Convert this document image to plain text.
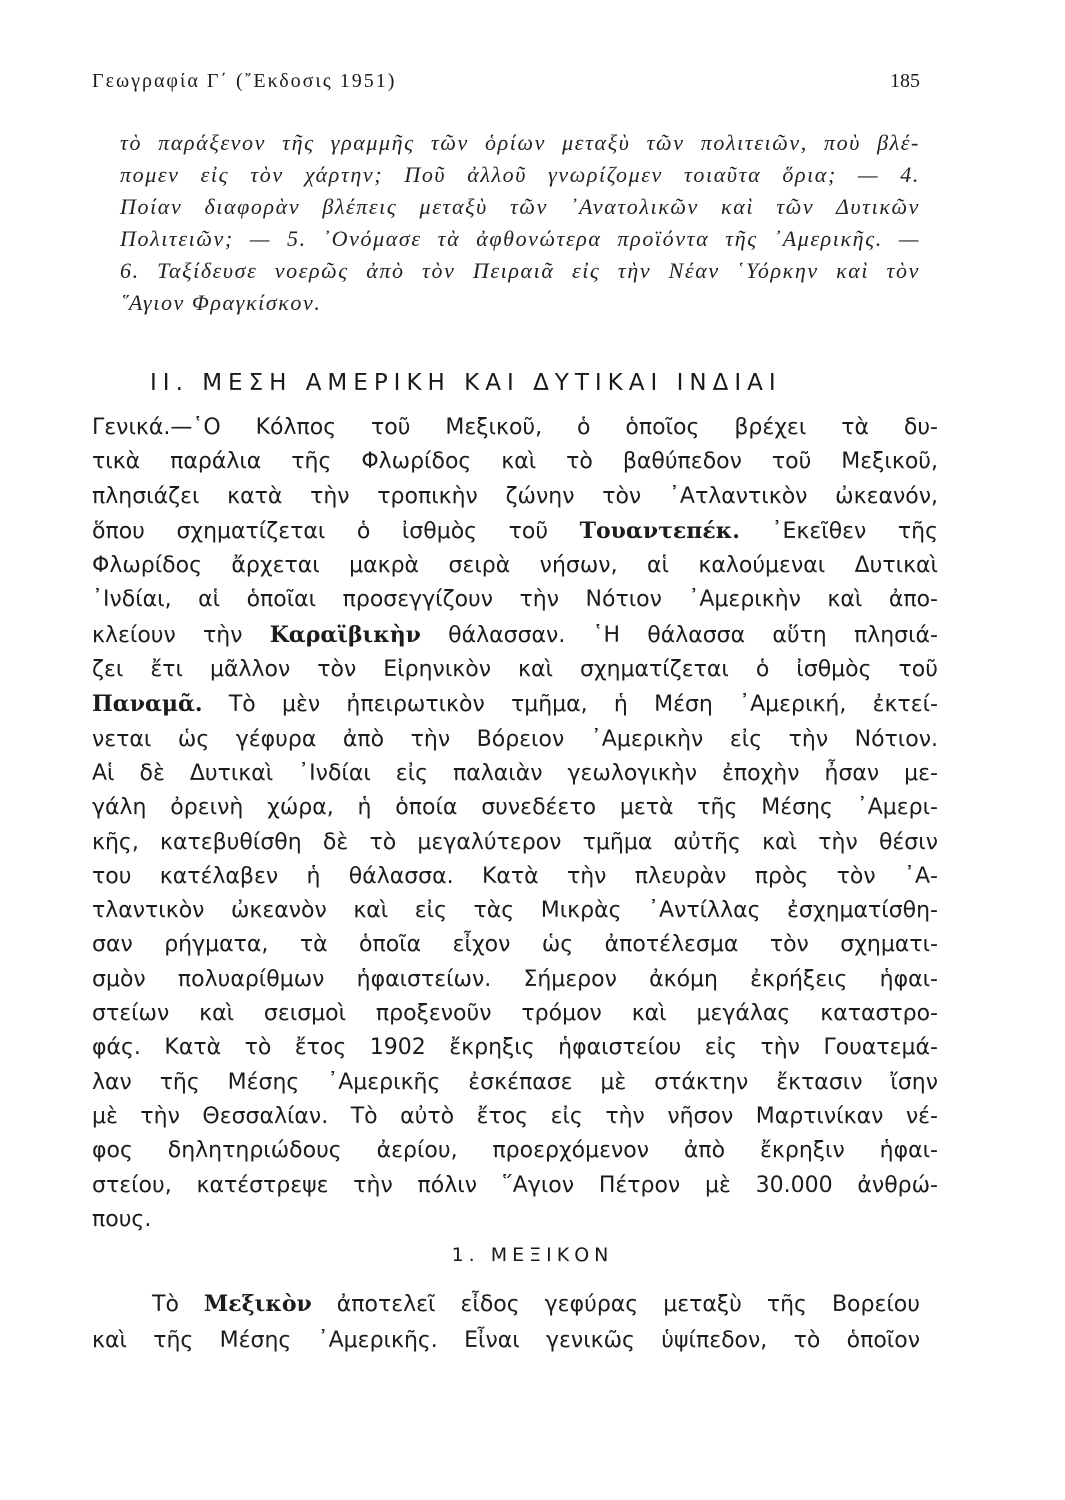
Γεωγραφία Γ΄ (῎Εκδοσις 1951)	185
τὸ παράξενον τῆς γραμμῆς τῶν ὁρίων μεταξὺ τῶν πολιτειῶν, ποὺ βλέ-
πομεν εἰς τὸν χάρτην; Ποῦ ἀλλοῦ γνωρίζομεν τοιαῦτα ὅρια; — 4.
Ποίαν διαφορὰν βλέπεις μεταξὺ τῶν ᾿Ανατολικῶν καὶ τῶν Δυτικῶν
Πολιτειῶν; — 5. ᾿Ονόμασε τὰ ἀφθονώτερα προϊόντα τῆς ᾿Αμερικῆς. —
6. Ταξίδευσε νοερῶς ἀπὸ τὸν Πειραιᾶ εἰς τὴν Νέαν ῾Υόρκην καὶ τὸν
῞Αγιον Φραγκίσκον.
ΙΙ. ΜΕΣΗ ΑΜΕΡΙΚΗ ΚΑΙ ΔΥΤΙΚΑΙ ΙΝΔΙΑΙ
Γενικά.—῾Ο Κόλπος τοῦ Μεξικοῦ, ὁ ὁποῖος βρέχει τὰ δυ-
τικὰ παράλια τῆς Φλωρίδος καὶ τὸ βαθύπεδον τοῦ Μεξικοῦ,
πλησιάζει κατὰ τὴν τροπικὴν ζώνην τὸν ᾿Ατλαντικὸν ὠκεανόν,
ὅπου σχηματίζεται ὁ ἰσθμὸς τοῦ Τουαντεπέκ. ᾿Εκεῖθεν τῆς
Φλωρίδος ἄρχεται μακρὰ σειρὰ νήσων, αἱ καλούμεναι Δυτικαὶ
᾿Ινδίαι, αἱ ὁποῖαι προσεγγίζουν τὴν Νότιον ᾿Αμερικὴν καὶ ἀπο-
κλείουν τὴν Καραϊβικὴν θάλασσαν. ῾Η θάλασσα αὕτη πλησιά-
ζει ἔτι μᾶλλον τὸν Εἰρηνικὸν καὶ σχηματίζεται ὁ ἰσθμὸς τοῦ
Παναμᾶ. Τὸ μὲν ἠπειρωτικὸν τμῆμα, ἡ Μέση ᾿Αμερική, ἐκτεί-
νεται ὡς γέφυρα ἀπὸ τὴν Βόρειον ᾿Αμερικὴν εἰς τὴν Νότιον.
Αἱ δὲ Δυτικαὶ ᾿Ινδίαι εἰς παλαιὰν γεωλογικὴν ἐποχὴν ἦσαν με-
γάλη ὀρεινὴ χώρα, ἡ ὁποία συνεδέετο μετὰ τῆς Μέσης ᾿Αμερι-
κῆς, κατεβυθίσθη δὲ τὸ μεγαλύτερον τμῆμα αὐτῆς καὶ τὴν θέσιν
του κατέλαβεν ἡ θάλασσα. Κατὰ τὴν πλευρὰν πρὸς τὸν ᾿Α-
τλαντικὸν ὠκεανὸν καὶ εἰς τὰς Μικρὰς ᾿Αντίλλας ἐσχηματίσθη-
σαν ρήγματα, τὰ ὁποῖα εἶχον ὡς ἀποτέλεσμα τὸν σχηματι-
σμὸν πολυαρίθμων ἡφαιστείων. Σήμερον ἀκόμη ἐκρήξεις ἡφαι-
στείων καὶ σεισμοὶ προξενοῦν τρόμον καὶ μεγάλας καταστρο-
φάς. Κατὰ τὸ ἔτος 1902 ἔκρηξις ἡφαιστείου εἰς τὴν Γουατεμά-
λαν τῆς Μέσης ᾿Αμερικῆς ἐσκέπασε μὲ στάκτην ἔκτασιν ἴσην
μὲ τὴν Θεσσαλίαν. Τὸ αὐτὸ ἔτος εἰς τὴν νῆσον Μαρτινίκαν νέ-
φος δηλητηριώδους ἀερίου, προερχόμενον ἀπὸ ἔκρηξιν ἡφαι-
στείου, κατέστρεψε τὴν πόλιν ῞Αγιον Πέτρον μὲ 30.000 ἀνθρώ-
πους.
1. ΜΕΞΙΚΟΝ
Τὸ Μεξικὸν ἀποτελεῖ εἶδος γεφύρας μεταξὺ τῆς Βορείου
καὶ τῆς Μέσης ᾿Αμερικῆς. Εἶναι γενικῶς ὑψίπεδον, τὸ ὁποῖον
